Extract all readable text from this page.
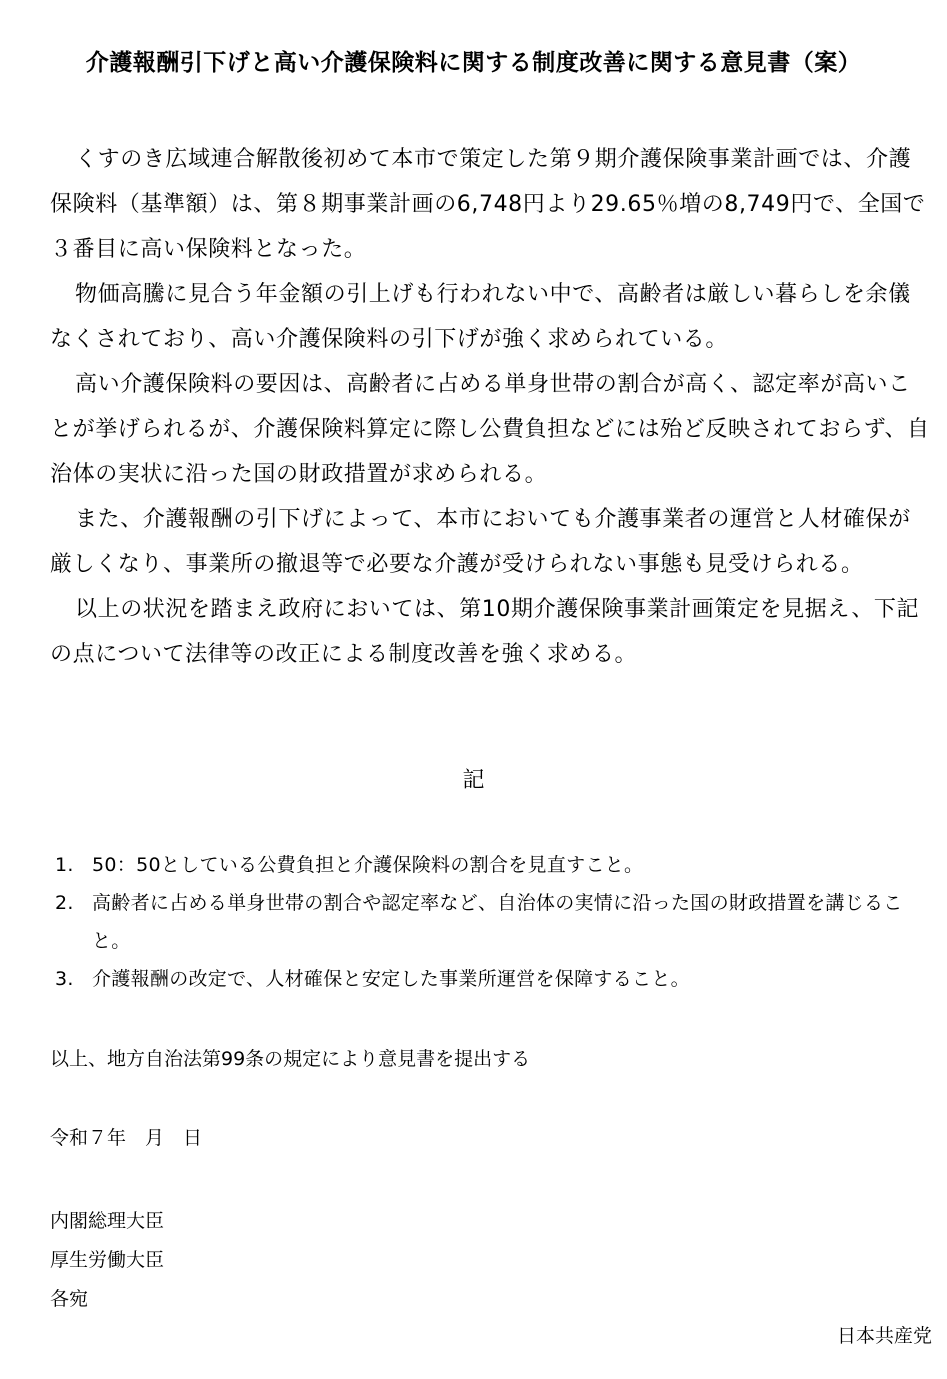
介護報酬引下げと高い介護保険料に関する制度改善に関する意見書（案）

くすのき広域連合解散後初めて本市で策定した第９期介護保険事業計画では、介護保険料（基準額）は、第８期事業計画の6,748円より29.65％増の8,749円で、全国で３番目に高い保険料となった。

物価高騰に見合う年金額の引上げも行われない中で、高齢者は厳しい暮らしを余儀なくされており、高い介護保険料の引下げが強く求められている。

高い介護保険料の要因は、高齢者に占める単身世帯の割合が高く、認定率が高いことが挙げられるが、介護保険料算定に際し公費負担などには殆ど反映されておらず、自治体の実状に沿った国の財政措置が求められる。

また、介護報酬の引下げによって、本市においても介護事業者の運営と人材確保が厳しくなり、事業所の撤退等で必要な介護が受けられない事態も見受けられる。

以上の状況を踏まえ政府においては、第10期介護保険事業計画策定を見据え、下記の点について法律等の改正による制度改善を強く求める。

記
1. 50：50としている公費負担と介護保険料の割合を見直すこと。
2. 高齢者に占める単身世帯の割合や認定率など、自治体の実情に沿った国の財政措置を講じること。
3. 介護報酬の改定で、人材確保と安定した事業所運営を保障すること。
以上、地方自治法第99条の規定により意見書を提出する
令和７年　月　日
内閣総理大臣
厚生労働大臣
各宛
日本共産党
